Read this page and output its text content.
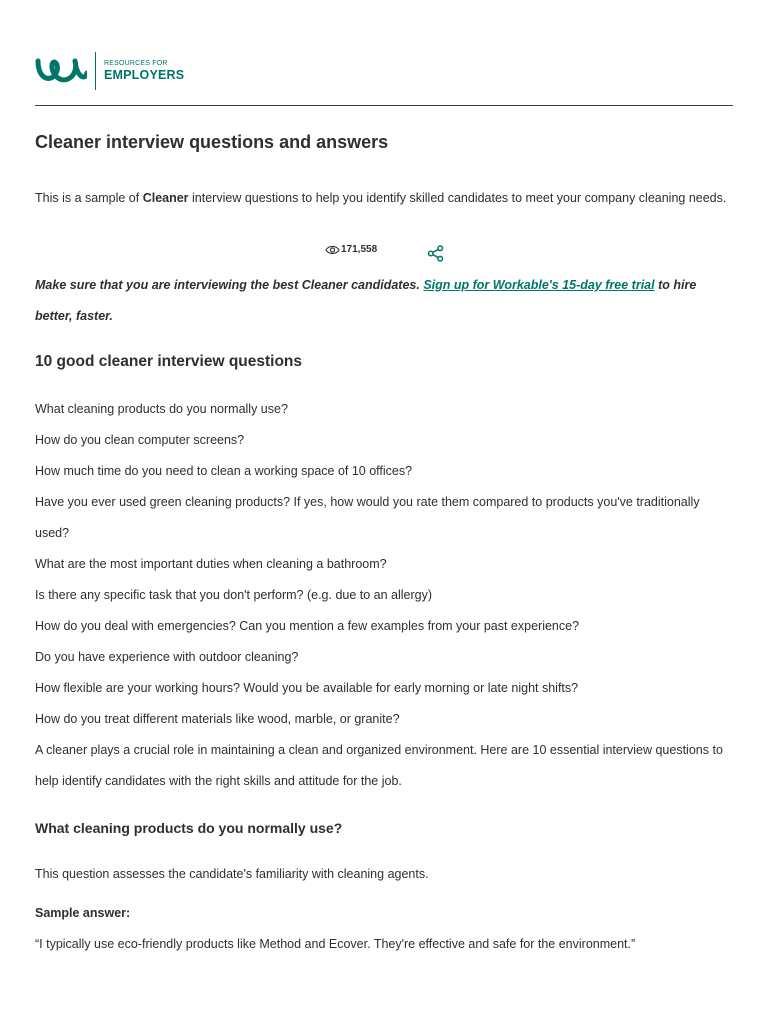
RESOURCES FOR
EMPLOYERS
Cleaner interview questions and answers
This is a sample of Cleaner interview questions to help you identify skilled candidates to meet your company cleaning needs.
171,558
Make sure that you are interviewing the best Cleaner candidates. Sign up for Workable's 15-day free trial to hire better, faster.
10 good cleaner interview questions
What cleaning products do you normally use?
How do you clean computer screens?
How much time do you need to clean a working space of 10 offices?
Have you ever used green cleaning products? If yes, how would you rate them compared to products you've traditionally used?
What are the most important duties when cleaning a bathroom?
Is there any specific task that you don't perform? (e.g. due to an allergy)
How do you deal with emergencies? Can you mention a few examples from your past experience?
Do you have experience with outdoor cleaning?
How flexible are your working hours? Would you be available for early morning or late night shifts?
How do you treat different materials like wood, marble, or granite?
A cleaner plays a crucial role in maintaining a clean and organized environment. Here are 10 essential interview questions to help identify candidates with the right skills and attitude for the job.
What cleaning products do you normally use?
This question assesses the candidate's familiarity with cleaning agents.
Sample answer:
“I typically use eco-friendly products like Method and Ecover. They're effective and safe for the environment.”
